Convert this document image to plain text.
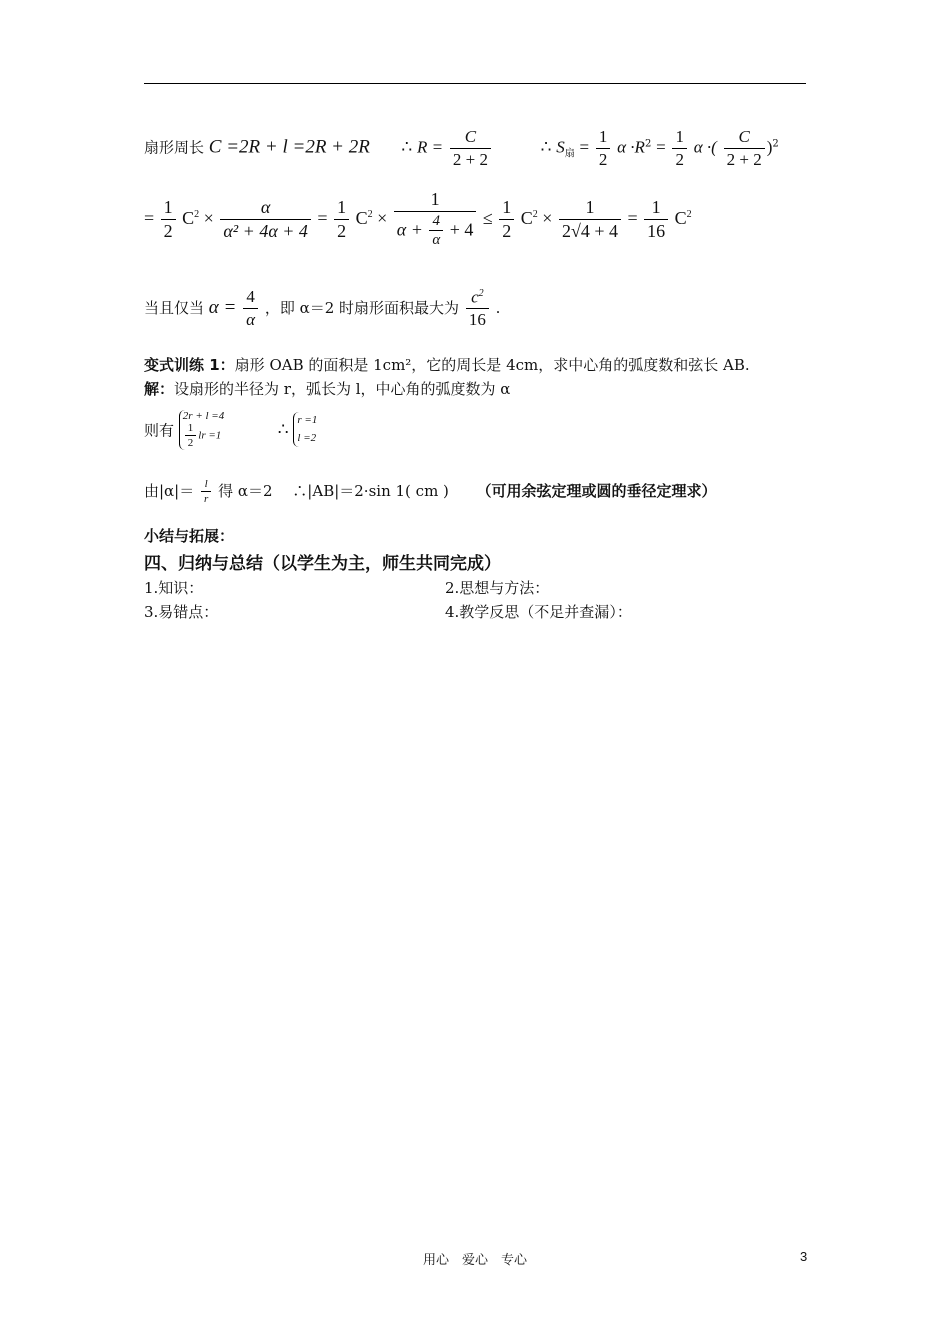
扇形周长 C =2R + l =2R + 2R ∴ $R = \frac{C}{2 + 2}$	∴ $S_扇 = \frac{1}{2}$ $\alpha \cdot R^2 = \frac{1}{2}$ α ·( $\frac{C}{2 + 2} )^2$
= $\frac{1}{2} C^2 \times \frac{\alpha}{\text{α² + 4α + 4}} = \frac{1}{2} C^2 \times \frac{1}{\alpha + \frac{4}{\alpha} + 4} \le \frac{1}{2} C^2 \times \frac{1}{2√4 + 4} = \frac{1}{16} C^2$
当且仅当 $\alpha = \frac{4}{\alpha}$ ，即 α＝2 时扇形面积最大为 $\frac{c^2}{16}$ .
变式训练 1：扇形 OAB 的面积是 1cm²，它的周长是 4cm，求中心角的弧度数和弦长 AB.
解：设扇形的半径为 r，弧长为 l，中心角的弧度数为 α
则有
2r + l =4
$\frac{1}{2}$ lr =1	∴ r =1
l =2
由$|\alpha|= \frac{l}{r}$ 得 α＝2　 ∴|AB|＝2·sin 1( cm ) （可用余弦定理或圆的垂径定理求）
小结与拓展：
四、归纳与总结（以学生为主，师生共同完成）
1.知识：	2.思想与方法：
3.易错点：	4.教学反思（不足并查漏）：
用心　爱心　专心	3
